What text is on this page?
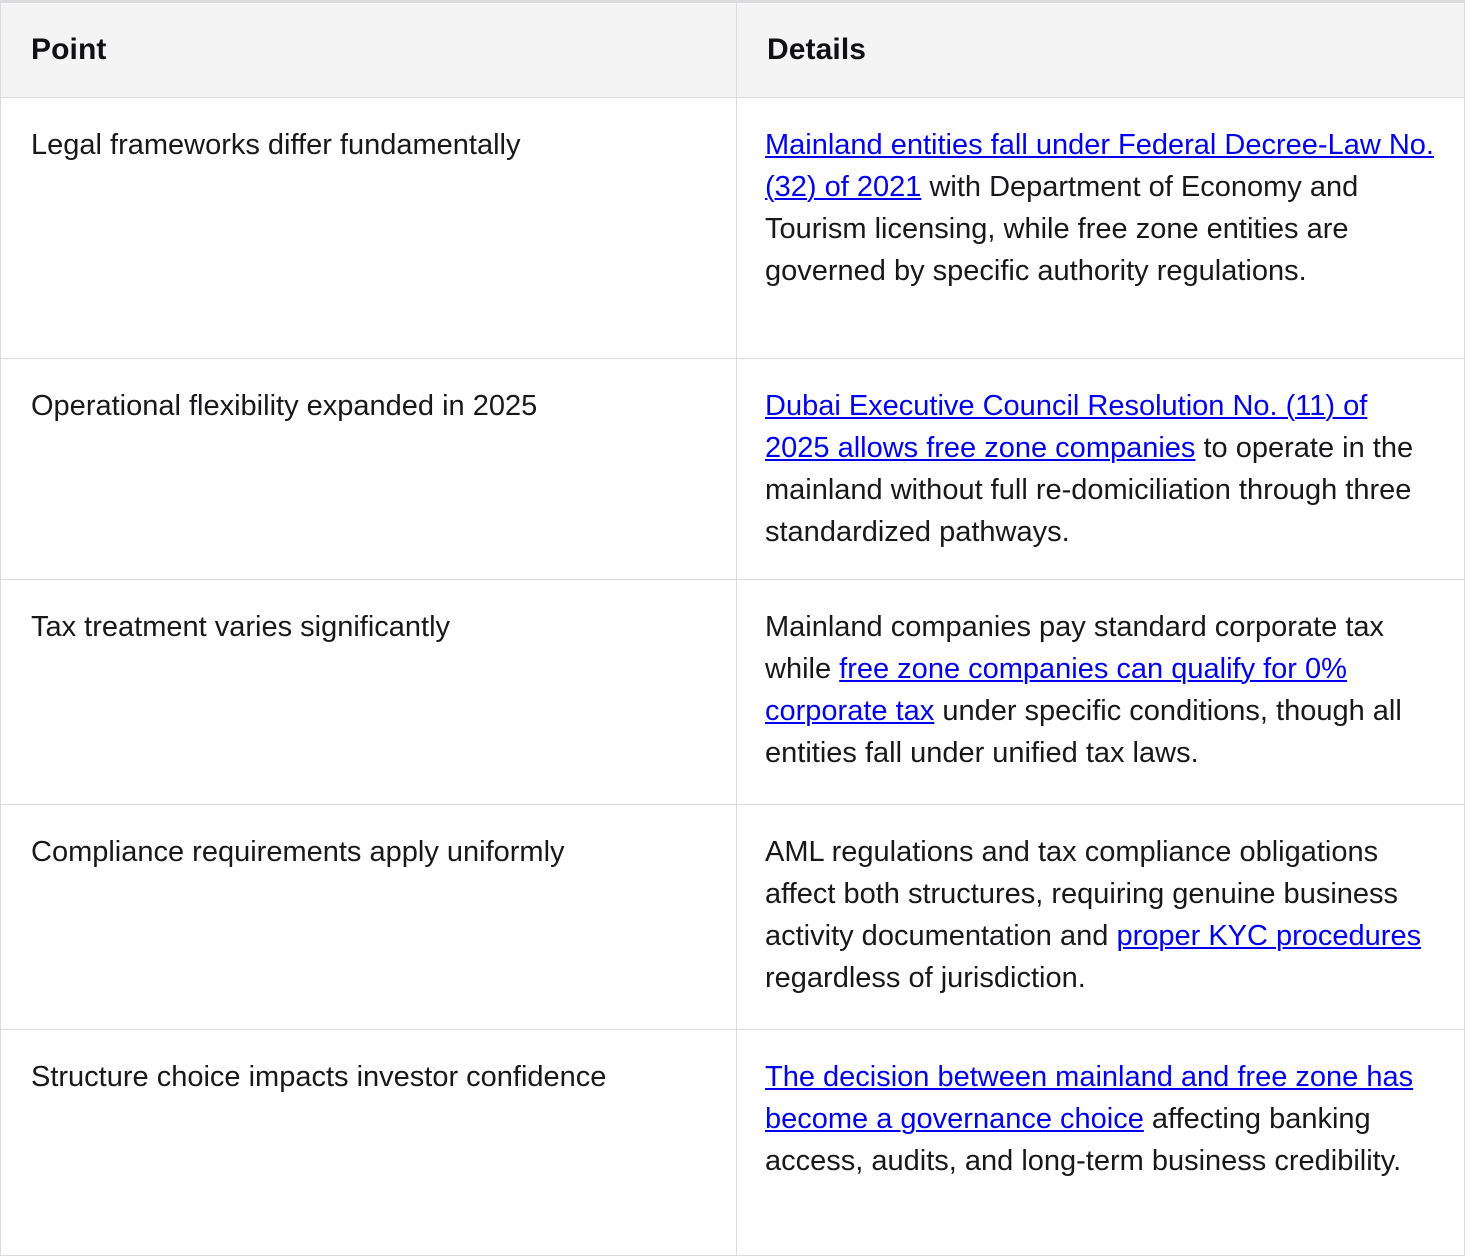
Point	Details
Legal frameworks differ fundamentally	Mainland entities fall under Federal Decree-Law No. (32) of 2021 with Department of Economy and Tourism licensing, while free zone entities are governed by specific authority regulations.
Operational flexibility expanded in 2025	Dubai Executive Council Resolution No. (11) of 2025 allows free zone companies to operate in the mainland without full re-domiciliation through three standardized pathways.
Tax treatment varies significantly	Mainland companies pay standard corporate tax while free zone companies can qualify for 0% corporate tax under specific conditions, though all entities fall under unified tax laws.
Compliance requirements apply uniformly	AML regulations and tax compliance obligations affect both structures, requiring genuine business activity documentation and proper KYC procedures regardless of jurisdiction.
Structure choice impacts investor confidence	The decision between mainland and free zone has become a governance choice affecting banking access, audits, and long-term business credibility.
